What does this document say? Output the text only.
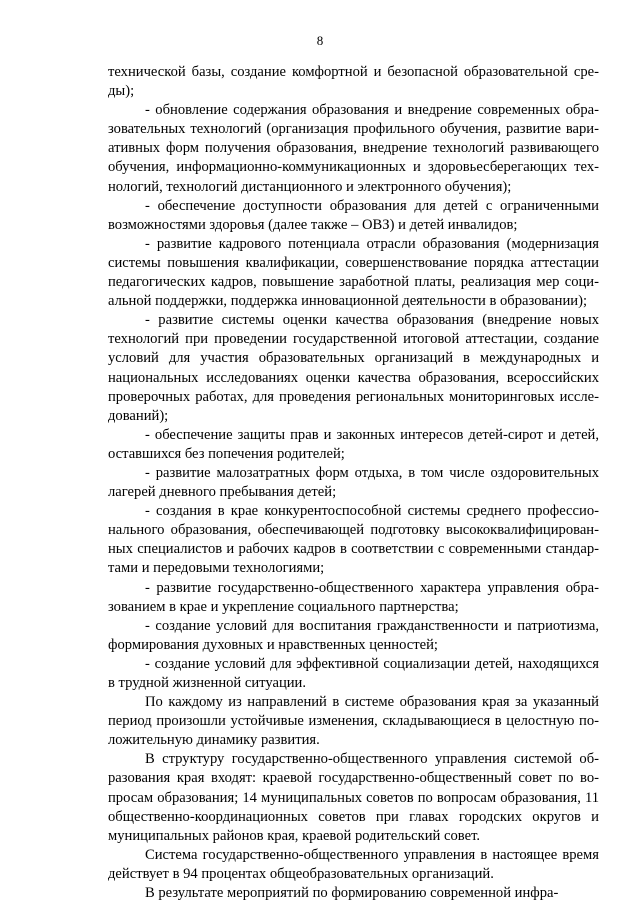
8

технической базы, создание комфортной и безопасной образовательной среды);

- обновление содержания образования и внедрение современных образовательных технологий (организация профильного обучения, развитие вариативных форм получения образования, внедрение технологий развивающего обучения, информационно-коммуникационных и здоровьесберегающих технологий, технологий дистанционного и электронного обучения);

- обеспечение доступности образования для детей с ограниченными возможностями здоровья (далее также – ОВЗ) и детей инвалидов;

- развитие кадрового потенциала отрасли образования (модернизация системы повышения квалификации, совершенствование порядка аттестации педагогических кадров, повышение заработной платы, реализация мер социальной поддержки, поддержка инновационной деятельности в образовании);

- развитие системы оценки качества образования (внедрение новых технологий при проведении государственной итоговой аттестации, создание условий для участия образовательных организаций в международных и национальных исследованиях оценки качества образования, всероссийских проверочных работах, для проведения региональных мониторинговых исследований);

- обеспечение защиты прав и законных интересов детей-сирот и детей, оставшихся без попечения родителей;

- развитие малозатратных форм отдыха, в том числе оздоровительных лагерей дневного пребывания детей;

- создания в крае конкурентоспособной системы среднего профессионального образования, обеспечивающей подготовку высококвалифицированных специалистов и рабочих кадров в соответствии с современными стандартами и передовыми технологиями;

- развитие государственно-общественного характера управления образованием в крае и укрепление социального партнерства;

- создание условий для воспитания гражданственности и патриотизма, формирования духовных и нравственных ценностей;

- создание условий для эффективной социализации детей, находящихся в трудной жизненной ситуации.

По каждому из направлений в системе образования края за указанный период произошли устойчивые изменения, складывающиеся в целостную положительную динамику развития.

В структуру государственно-общественного управления системой образования края входят: краевой государственно-общественный совет по вопросам образования; 14 муниципальных советов по вопросам образования, 11 общественно-координационных советов при главах городских округов и муниципальных районов края, краевой родительский совет.

Система государственно-общественного управления в настоящее время действует в 94 процентах общеобразовательных организаций.

В результате мероприятий по формированию современной инфра-
